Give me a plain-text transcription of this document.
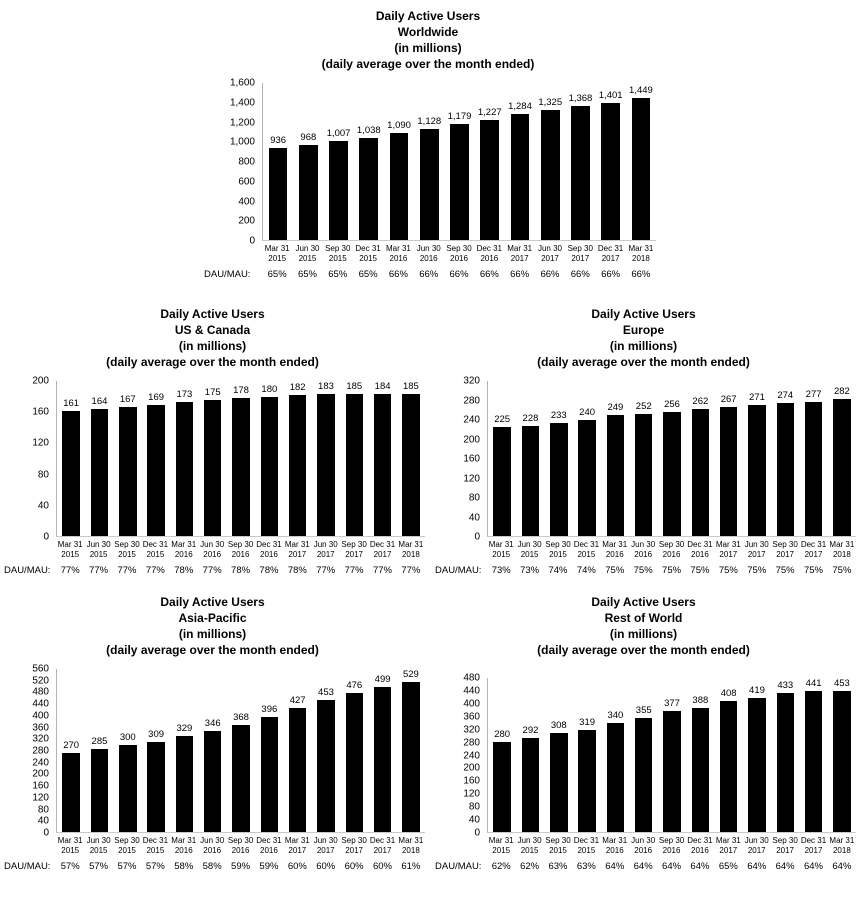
Daily Active Users
Worldwide
(in millions)
(daily average over the month ended)
1,600
1,400
1,200
1,000
800
600
400
200
0
936 968 1,007 1,038 1,090 1,128 1,179 1,227
1,284 1,325 1,368 1,401 1,449
Mar 31
2015
Jun 30
2015
Sep 30
2015
Dec 31
2015
Mar 31
2016
Jun 30
2016
Sep 30
2016
Dec 31
2016
Mar 31
2017
Jun 30
2017
Sep 30
2017
Dec 31
2017
Mar 31
2018
DAU/MAU:	65%	65%	65%	65%	66%	66%	66%	66%	66%	66%	66%	66%	66%
Daily Active Users
US & Canada
(in millions)
(daily average over the month ended)
200
160
120
80
40
0
161 164 167 169 173 175 178 180 182 183 185 184 185
Mar 31
2015
Jun 30
2015
Sep 30
2015
Dec 31
2015
Mar 31
2016
Jun 30
2016
Sep 30
2016
Dec 31
2016
Mar 31
2017
Jun 30
2017
Sep 30
2017
Dec 31
2017
Mar 31
2018
DAU/MAU:	77% 77% 77% 77% 78% 77% 78% 78% 78% 77% 77% 77% 77%
Daily Active Users
Europe
(in millions)
(daily average over the month ended)
320
280
240
200
160
120
80
40
0
225 228 233 240 249 252 256 262 267 271 274 277 282
Mar 31
2015
Jun 30
2015
Sep 30
2015
Dec 31
2015
Mar 31
2016
Jun 30
2016
Sep 30
2016
Dec 31
2016
Mar 31
2017
Jun 30
2017
Sep 30
2017
Dec 31
2017
Mar 31
2018
DAU/MAU:	73% 73% 74% 74% 75% 75% 75% 75% 75% 75% 75% 75% 75%
Daily Active Users
Asia-Pacific
(in millions)
(daily average over the month ended)
560
520
480
440
400
360
320
280
240
200
160
120
80
40
0
270 285 300 309
329 346
368
396
427
453
476
499 529
Mar 31
2015
Jun 30
2015
Sep 30
2015
Dec 31
2015
Mar 31
2016
Jun 30
2016
Sep 30
2016
Dec 31
2016
Mar 31
2017
Jun 30
2017
Sep 30
2017
Dec 31
2017
Mar 31
2018
DAU/MAU:	57% 57% 57% 57% 58% 58% 59% 59% 60% 60% 60% 60% 61%
Daily Active Users
Rest of World
(in millions)
(daily average over the month ended)
480
440
400
360
320
280
240
200
160
120
80
40
0
280 292 308 319
340 355
377 388
408 419 433 441 453
Mar 31
2015
Jun 30
2015
Sep 30
2015
Dec 31
2015
Mar 31
2016
Jun 30
2016
Sep 30
2016
Dec 31
2016
Mar 31
2017
Jun 30
2017
Sep 30
2017
Dec 31
2017
Mar 31
2018
DAU/MAU:	62% 62% 63% 63% 64% 64% 64% 64% 65% 64% 64% 64% 64%
